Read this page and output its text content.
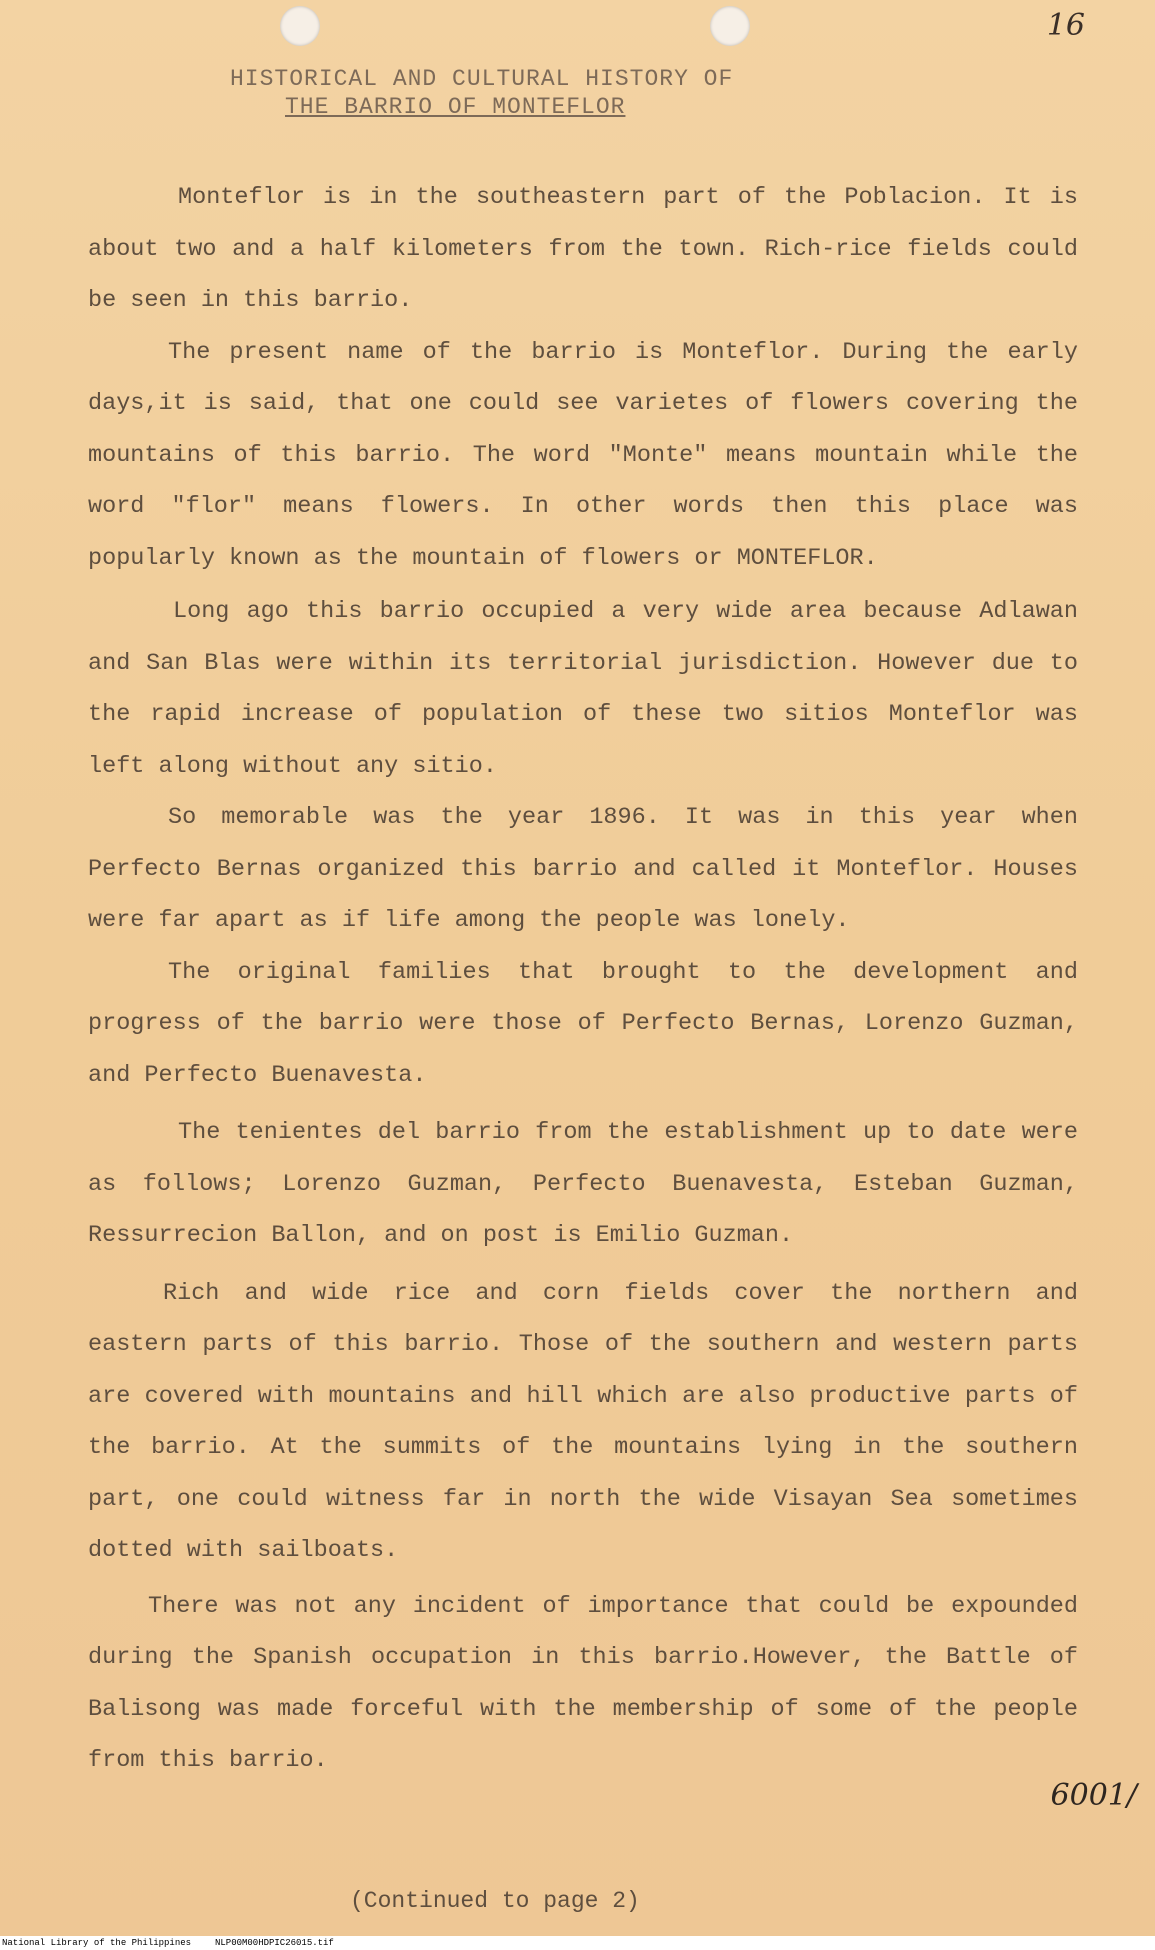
16
HISTORICAL AND CULTURAL HISTORY OF
THE BARRIO OF MONTEFLOR

Monteflor is in the southeastern part of the Poblacion. It is about two and a half kilometers from the town. Rich-rice fields could be seen in this barrio.

The present name of the barrio is Monteflor. During the early days,it is said, that one could see varietes of flowers covering the mountains of this barrio. The word "Monte" means mountain while the word "flor" means flowers. In other words then this place was popularly known as the mountain of flowers or MONTEFLOR.

Long ago this barrio occupied a very wide area because Adlawan and San Blas were within its territorial jurisdiction. However due to the rapid increase of population of these two sitios Monteflor was left along without any sitio.

So memorable was the year 1896. It was in this year when Perfecto Bernas organized this barrio and called it Monteflor. Houses were far apart as if life among the people was lonely.

The original families that brought to the development and progress of the barrio were those of Perfecto Bernas, Lorenzo Guzman, and Perfecto Buenavesta.

The tenientes del barrio from the establishment up to date were as follows; Lorenzo Guzman, Perfecto Buenavesta, Esteban Guzman, Ressurrecion Ballon, and on post is Emilio Guzman.

Rich and wide rice and corn fields cover the northern and eastern parts of this barrio. Those of the southern and western parts are covered with mountains and hill which are also productive parts of the barrio. At the summits of the mountains lying in the southern part, one could witness far in north the wide Visayan Sea sometimes dotted with sailboats.

There was not any incident of importance that could be expounded during the Spanish occupation in this barrio.However, the Battle of Balisong was made forceful with the membership of some of the people from this barrio.

6001/
(Continued to page 2)
National Library of the Philippines	NLP00M00HDPIC26015.tif
